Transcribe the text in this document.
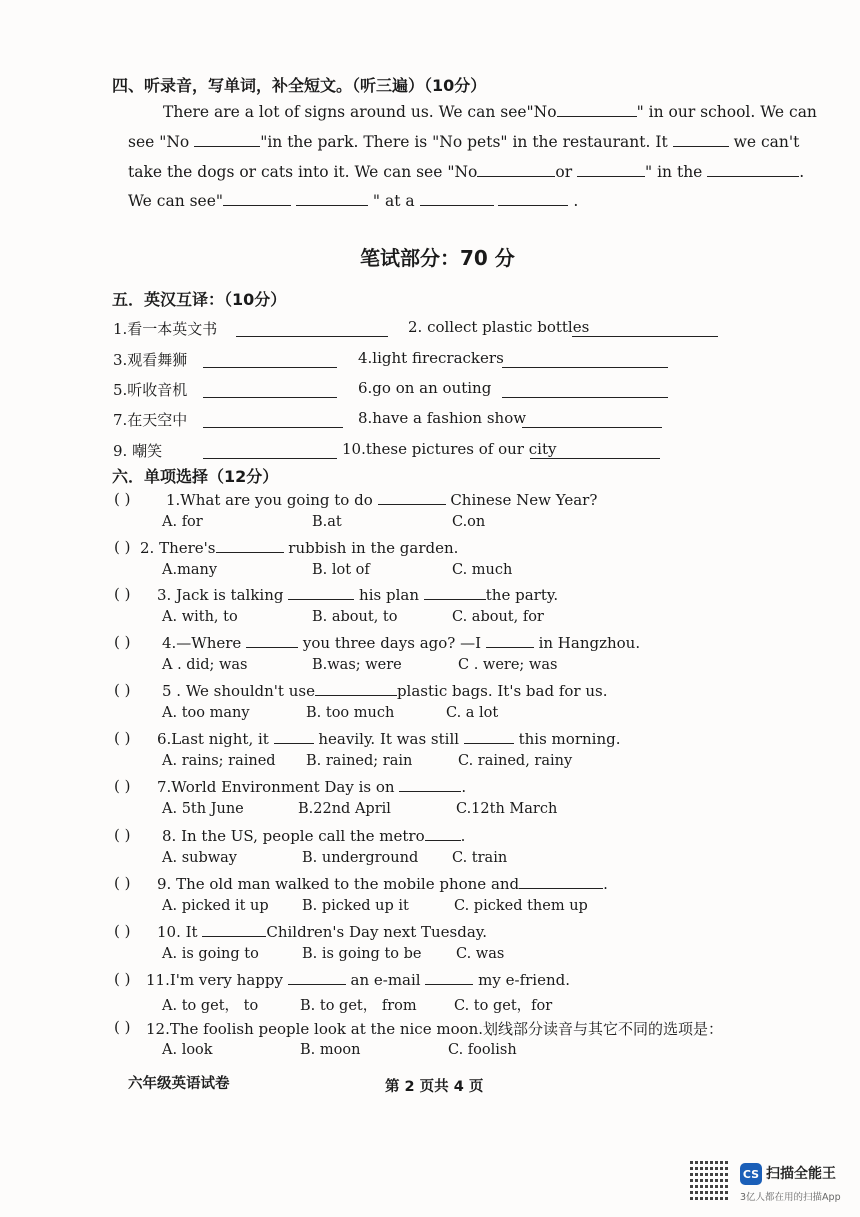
四、听录音，写单词，补全短文。（听三遍）（10分）
There are a lot of signs around us. We can see"No	" in our school. We can
see "No	"in the park. There is "No pets" in the restaurant. It	we can't
take the dogs or cats into it. We can see "No	or	" in the	.
We can see"	" at a	.
笔试部分：70 分
五．英汉互译：（10分）
1.看一本英文书	2. collect plastic bottles
3.观看舞狮	4.light firecrackers
5.听收音机	6.go on an outing
7.在天空中	8.have a fashion show
9. 嘲笑	10.these pictures of our city
六．单项选择（12分）
( ) 1.What are you going to do	Chinese New Year?
A. for	B.at	C.on
( ) 2. There's	rubbish in the garden.
A.many	B. lot of	C. much
( ) 3. Jack is talking	his plan	the party.
A. with, to	B. about, to	C. about, for
( ) 4.—Where	you three days ago? —I	in Hangzhou.
A . did; was	B.was; were	C . were; was
( ) 5 . We shouldn't use	plastic bags. It's bad for us.
A. too many	B. too much	C. a lot
( ) 6.Last night, it	heavily. It was still	this morning.
A. rains; rained B. rained; rain	C. rained, rainy
( ) 7.World Environment Day is on	.
A. 5th June	B.22nd April	C.12th March
( ) 8. In the US, people call the metro .
A. subway	B. underground C. train
( ) 9. The old man walked to the mobile phone and	.
A. picked it up B. picked up it	C. picked them up
( ) 10. It	Children's Day next Tuesday.
A. is going to	B. is going to be C. was
( ) 11.I'm very happy	an e-mail	my e-friend.
A. to get， to	B. to get， from	C. to get，for
( ) 12.The foolish people look at the nice moon.划线部分读音与其它不同的选项是：
A. look	B. moon	C. foolish
六年级英语试卷	第 2 页共 4 页
CS 扫描全能王
3亿人都在用的扫描App
